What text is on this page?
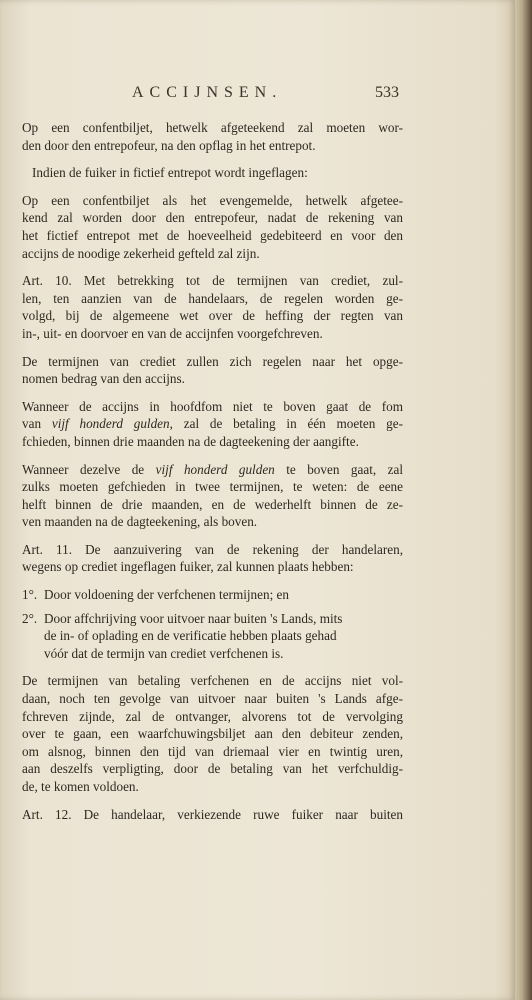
ACCIJNSEN.	533
Op een confentbiljet, hetwelk afgeteekend zal moeten wor-
den door den entrepofeur, na den opflag in het entrepot.
Indien de fuiker in fictief entrepot wordt ingeflagen:
Op een confentbiljet als het evengemelde, hetwelk afgetee-
kend zal worden door den entrepofeur, nadat de rekening van
het fictief entrepot met de hoeveelheid gedebiteerd en voor den
accijns de noodige zekerheid gefteld zal zijn.
Art. 10. Met betrekking tot de termijnen van crediet, zul-
len, ten aanzien van de handelaars, de regelen worden ge-
volgd, bij de algemeene wet over de heffing der regten van
in-, uit- en doorvoer en van de accijnfen voorgefchreven.
De termijnen van crediet zullen zich regelen naar het opge-
nomen bedrag van den accijns.
Wanneer de accijns in hoofdfom niet te boven gaat de fom
van vijf honderd gulden, zal de betaling in één moeten ge-
fchieden, binnen drie maanden na de dagteekening der aangifte.
Wanneer dezelve de vijf honderd gulden te boven gaat, zal
zulks moeten gefchieden in twee termijnen, te weten: de eene
helft binnen de drie maanden, en de wederhelft binnen de ze-
ven maanden na de dagteekening, als boven.
Art. 11. De aanzuivering van de rekening der handelaren,
wegens op crediet ingeflagen fuiker, zal kunnen plaats hebben:
1°. Door voldoening der verfchenen termijnen; en
2°. Door affchrijving voor uitvoer naar buiten 's Lands, mits
de in- of oplading en de verificatie hebben plaats gehad
vóór dat de termijn van crediet verfchenen is.
De termijnen van betaling verfchenen en de accijns niet vol-
daan, noch ten gevolge van uitvoer naar buiten 's Lands afge-
fchreven zijnde, zal de ontvanger, alvorens tot de vervolging
over te gaan, een waarfchuwingsbiljet aan den debiteur zenden,
om alsnog, binnen den tijd van driemaal vier en twintig uren,
aan deszelfs verpligting, door de betaling van het verfchuldig-
de, te komen voldoen.
Art. 12. De handelaar, verkiezende ruwe fuiker naar buiten
